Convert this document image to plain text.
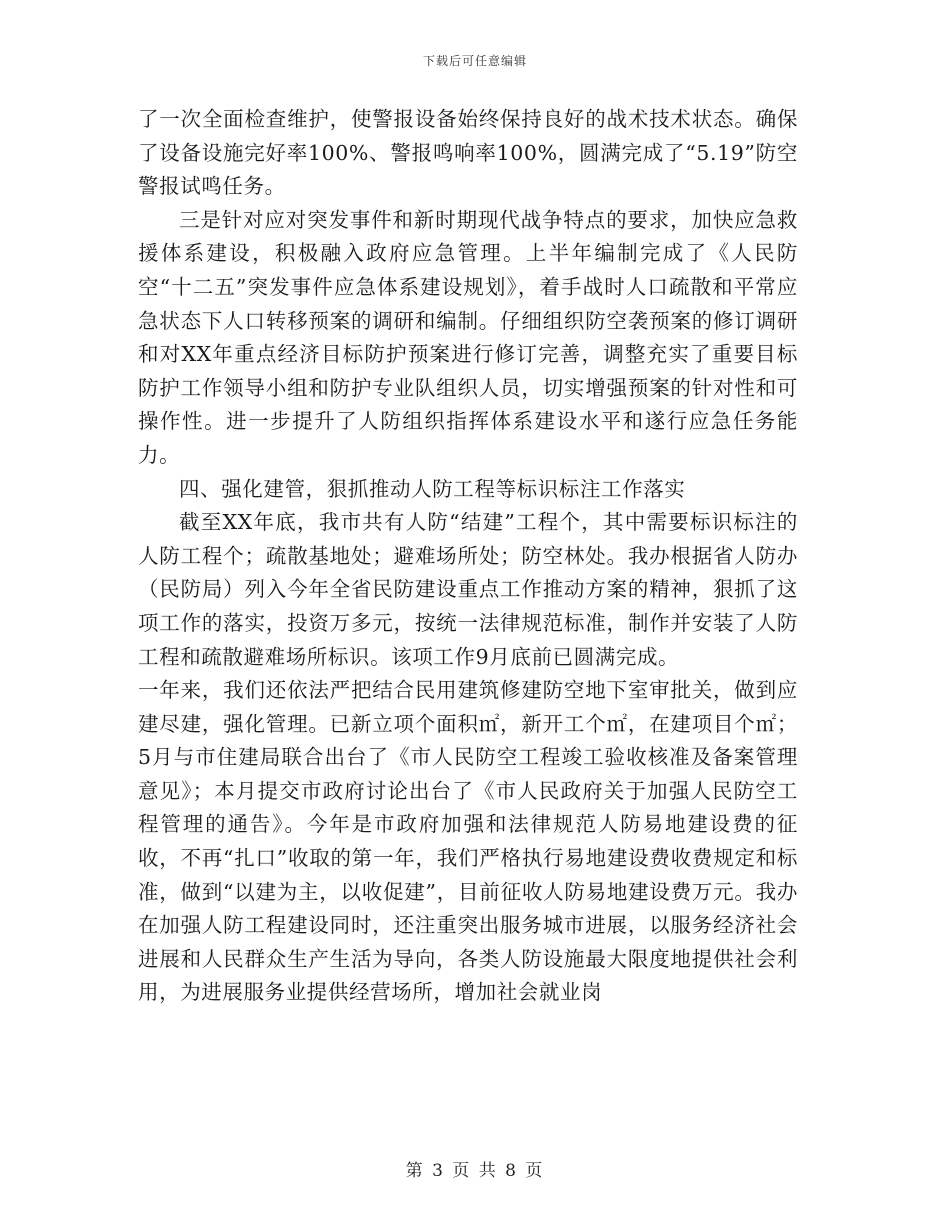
下载后可任意编辑

了一次全面检查维护，使警报设备始终保持良好的战术技术状态。确保了设备设施完好率100%、警报鸣响率100%，圆满完成了“5.19”防空警报试鸣任务。

三是针对应对突发事件和新时期现代战争特点的要求，加快应急救援体系建设，积极融入政府应急管理。上半年编制完成了《人民防空“十二五”突发事件应急体系建设规划》，着手战时人口疏散和平常应急状态下人口转移预案的调研和编制。仔细组织防空袭预案的修订调研和对XX年重点经济目标防护预案进行修订完善，调整充实了重要目标防护工作领导小组和防护专业队组织人员，切实增强预案的针对性和可操作性。进一步提升了人防组织指挥体系建设水平和遂行应急任务能力。

四、强化建管，狠抓推动人防工程等标识标注工作落实

截至XX年底，我市共有人防“结建”工程个，其中需要标识标注的人防工程个；疏散基地处；避难场所处；防空林处。我办根据省人防办（民防局）列入今年全省民防建设重点工作推动方案的精神，狠抓了这项工作的落实，投资万多元，按统一法律规范标准，制作并安装了人防工程和疏散避难场所标识。该项工作9月底前已圆满完成。

一年来，我们还依法严把结合民用建筑修建防空地下室审批关，做到应建尽建，强化管理。已新立项个面积㎡，新开工个㎡，在建项目个㎡；5月与市住建局联合出台了《市人民防空工程竣工验收核准及备案管理意见》；本月提交市政府讨论出台了《市人民政府关于加强人民防空工程管理的通告》。今年是市政府加强和法律规范人防易地建设费的征收，不再“扎口”收取的第一年，我们严格执行易地建设费收费规定和标准，做到“以建为主，以收促建”，目前征收人防易地建设费万元。我办在加强人防工程建设同时，还注重突出服务城市进展，以服务经济社会进展和人民群众生产生活为导向，各类人防设施最大限度地提供社会利用，为进展服务业提供经营场所，增加社会就业岗

第 3 页 共 8 页
